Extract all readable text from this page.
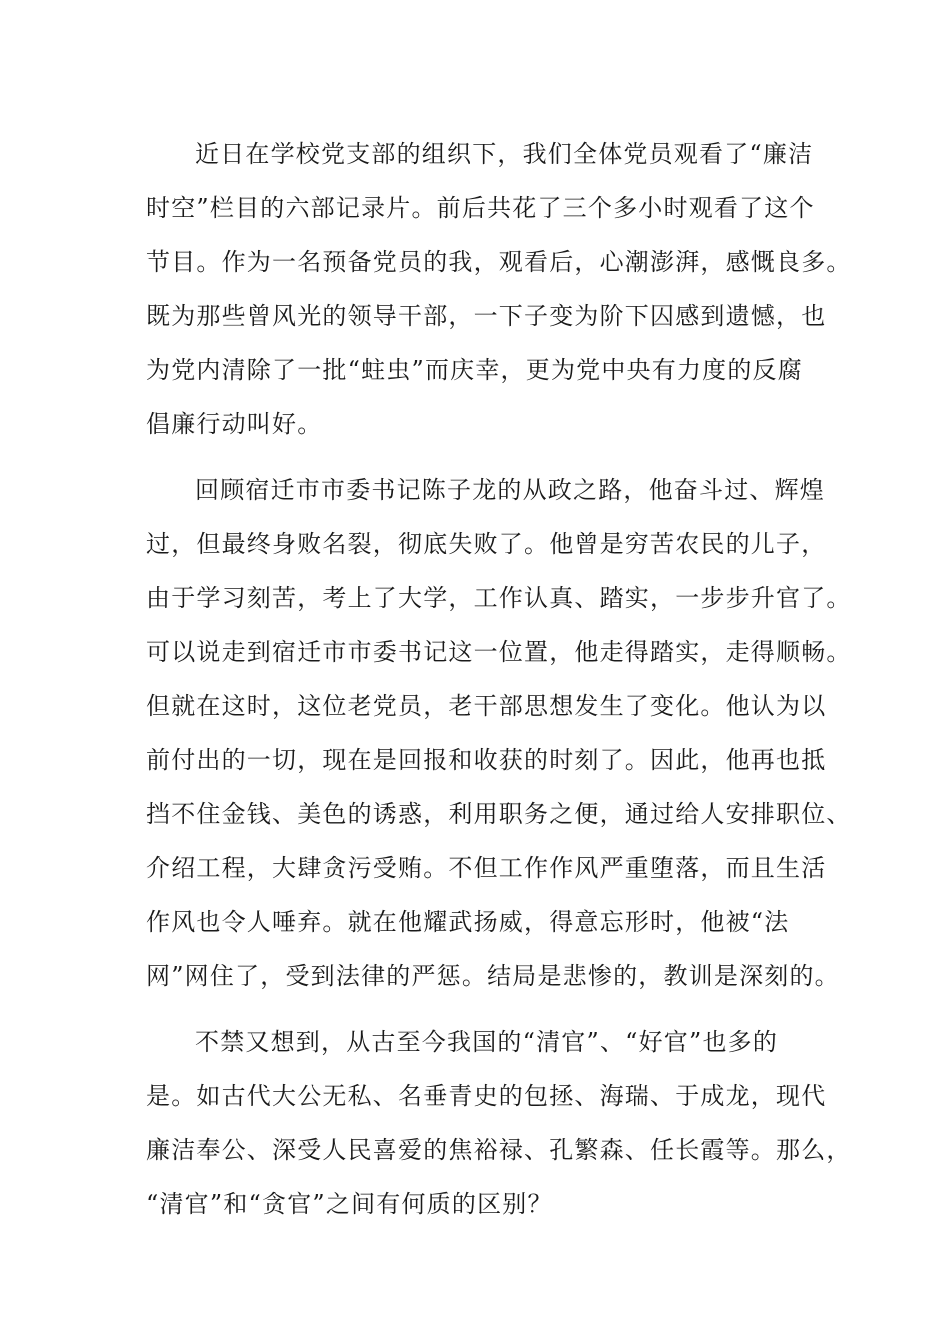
近日在学校党支部的组织下，我们全体党员观看了“廉洁
时空”栏目的六部记录片。前后共花了三个多小时观看了这个
节目。作为一名预备党员的我，观看后，心潮澎湃，感慨良多。
既为那些曾风光的领导干部，一下子变为阶下囚感到遗憾，也
为党内清除了一批“蛀虫”而庆幸，更为党中央有力度的反腐
倡廉行动叫好。

回顾宿迁市市委书记陈子龙的从政之路，他奋斗过、辉煌
过，但最终身败名裂，彻底失败了。他曾是穷苦农民的儿子，
由于学习刻苦，考上了大学，工作认真、踏实，一步步升官了。
可以说走到宿迁市市委书记这一位置，他走得踏实，走得顺畅。
但就在这时，这位老党员，老干部思想发生了变化。他认为以
前付出的一切，现在是回报和收获的时刻了。因此，他再也抵
挡不住金钱、美色的诱惑，利用职务之便，通过给人安排职位、
介绍工程，大肆贪污受贿。不但工作作风严重堕落，而且生活
作风也令人唾弃。就在他耀武扬威，得意忘形时，他被“法
网”网住了，受到法律的严惩。结局是悲惨的，教训是深刻的。

不禁又想到，从古至今我国的“清官”、“好官”也多的
是。如古代大公无私、名垂青史的包拯、海瑞、于成龙，现代
廉洁奉公、深受人民喜爱的焦裕禄、孔繁森、任长霞等。那么，
“清官”和“贪官”之间有何质的区别？
